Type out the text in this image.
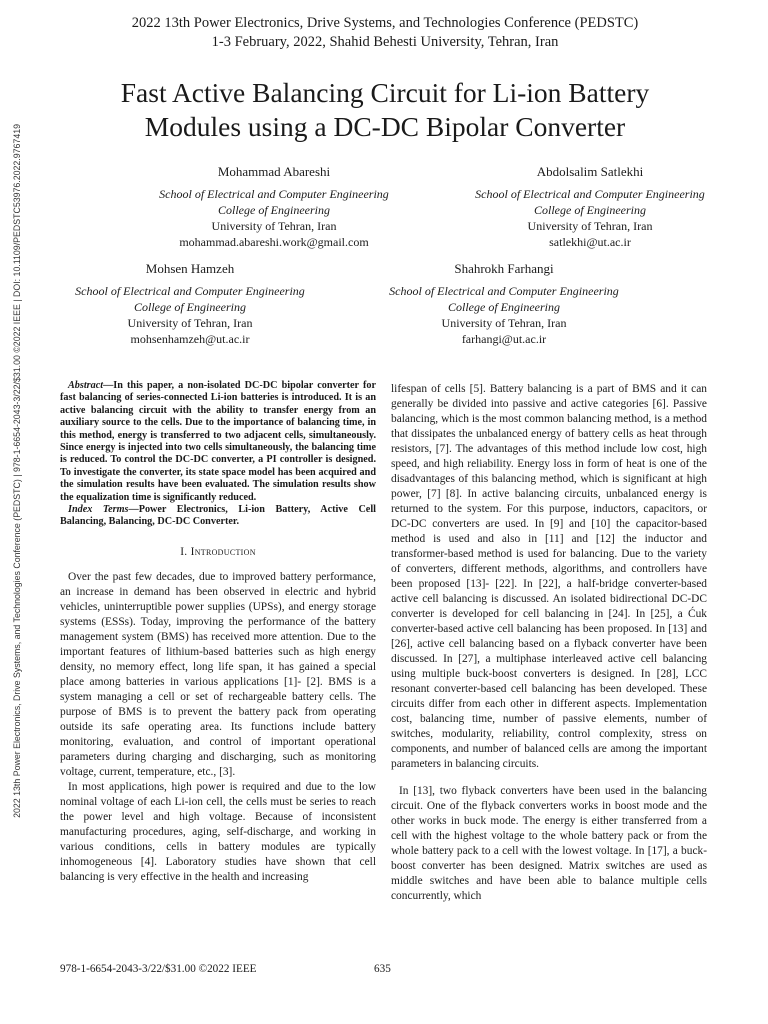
2022 13th Power Electronics, Drive Systems, and Technologies Conference (PEDSTC) | 978-1-6654-2043-3/22/$31.00 ©2022 IEEE | DOI: 10.1109/PEDSTC53976.2022.9767419
2022 13th Power Electronics, Drive Systems, and Technologies Conference (PEDSTC)
1-3 February, 2022, Shahid Behesti University, Tehran, Iran
Fast Active Balancing Circuit for Li-ion Battery
Modules using a DC-DC Bipolar Converter
Mohammad Abareshi
School of Electrical and Computer Engineering
College of Engineering
University of Tehran, Iran
mohammad.abareshi.work@gmail.com
Abdolsalim Satlekhi
School of Electrical and Computer Engineering
College of Engineering
University of Tehran, Iran
satlekhi@ut.ac.ir
Mohsen Hamzeh
School of Electrical and Computer Engineering
College of Engineering
University of Tehran, Iran
mohsenhamzeh@ut.ac.ir
Shahrokh Farhangi
School of Electrical and Computer Engineering
College of Engineering
University of Tehran, Iran
farhangi@ut.ac.ir

Abstract—In this paper, a non-isolated DC-DC bipolar converter for fast balancing of series-connected Li-ion batteries is introduced. It is an active balancing circuit with the ability to transfer energy from an auxiliary source to the cells. Due to the importance of balancing time, in this method, energy is transferred to two adjacent cells, simultaneously. Since energy is injected into two cells simultaneously, the balancing time is reduced. To control the DC-DC converter, a PI controller is designed. To investigate the converter, its state space model has been acquired and the simulation results have been evaluated. The simulation results show the equalization time is significantly reduced.

Index Terms—Power Electronics, Li-ion Battery, Active Cell Balancing, Balancing, DC-DC Converter.

I. Introduction

Over the past few decades, due to improved battery performance, an increase in demand has been observed in electric and hybrid vehicles, uninterruptible power supplies (UPSs), and energy storage systems (ESSs). Today, improving the performance of the battery management system (BMS) has received more attention. Due to the important features of lithium-based batteries such as high energy density, no memory effect, long life span, it has gained a special place among batteries in various applications [1]- [2]. BMS is a system managing a cell or set of rechargeable battery cells. The purpose of BMS is to prevent the battery pack from operating outside its safe operating area. Its functions include battery monitoring, evaluation, and control of important operational parameters during charging and discharging, such as monitoring voltage, current, temperature, etc., [3].

In most applications, high power is required and due to the low nominal voltage of each Li-ion cell, the cells must be series to reach the power level and high voltage. Because of inconsistent manufacturing procedures, aging, self-discharge, and working in various conditions, cells in battery modules are typically inhomogeneous [4]. Laboratory studies have shown that cell balancing is very effective in the health and increasing

lifespan of cells [5]. Battery balancing is a part of BMS and it can generally be divided into passive and active categories [6]. Passive balancing, which is the most common balancing method, is a method that dissipates the unbalanced energy of battery cells as heat through resistors, [7]. The advantages of this method include low cost, high speed, and high reliability. Energy loss in form of heat is one of the disadvantages of this balancing method, which is significant at high power, [7] [8]. In active balancing circuits, unbalanced energy is returned to the system. For this purpose, inductors, capacitors, or DC-DC converters are used. In [9] and [10] the capacitor-based method is used and also in [11] and [12] the inductor and transformer-based method is used for balancing. Due to the variety of converters, different methods, algorithms, and controllers have been proposed [13]- [22]. In [22], a half-bridge converter-based active cell balancing is discussed. An isolated bidirectional DC-DC converter is developed for cell balancing in [24]. In [25], a Ćuk converter-based active cell balancing has been proposed. In [13] and [26], active cell balancing based on a flyback converter have been discussed. In [27], a multiphase interleaved active cell balancing using multiple buck-boost converters is designed. In [28], LCC resonant converter-based cell balancing has been developed. These circuits differ from each other in different aspects. Implementation cost, balancing time, number of passive elements, number of switches, modularity, reliability, control complexity, stress on components, and number of balanced cells are among the important parameters in balancing circuits.

In [13], two flyback converters have been used in the balancing circuit. One of the flyback converters works in boost mode and the other works in buck mode. The energy is either transferred from a cell with the highest voltage to the whole battery pack or from the whole battery pack to a cell with the lowest voltage. In [17], a buck-boost converter has been designed. Matrix switches are used as middle switches and have been able to balance multiple cells concurrently, which

978-1-6654-2043-3/22/$31.00 ©2022 IEEE	635
